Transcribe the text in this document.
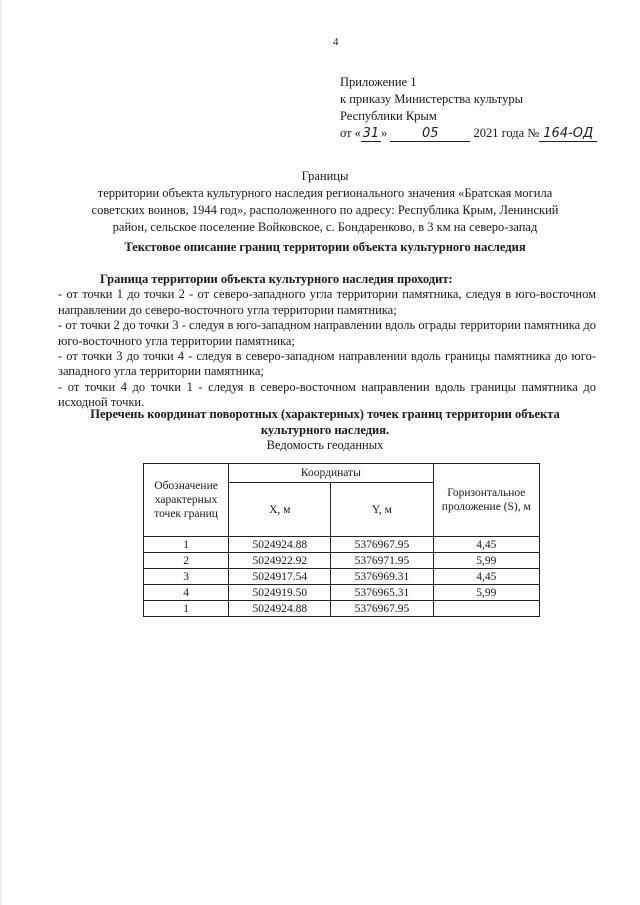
4
Приложение 1
к приказу Министерства культуры
Республики Крым
от « 31 »	05	2021 года № 164-ОД
Границы
территории объекта культурного наследия регионального значения «Братская могила
советских воинов, 1944 год», расположенного по адресу: Республика Крым, Ленинский
район, сельское поселение Войковское, с. Бондаренково, в 3 км на северо-запад
Текстовое описание границ территории объекта культурного наследия

Граница территории объекта культурного наследия проходит:

- от точки 1 до точки 2 - от северо-западного угла территории памятника, следуя в юго-восточном направлении до северо-восточного угла территории памятника;

- от точки 2 до точки 3 - следуя в юго-западном направлении вдоль ограды территории памятника до юго-восточного угла территории памятника;

- от точки 3 до точки 4 - следуя в северо-западном направлении вдоль границы памятника до юго-западного угла территории памятника;

- от точки 4 до точки 1 - следуя в северо-восточном направлении вдоль границы памятника до исходной точки.

Перечень координат поворотных (характерных) точек границ территории объекта
культурного наследия.
Ведомость геоданных
Обозначение характерных точек границ	Координаты		Горизонтальное проложение (S), м
	X, м	Y, м	
1	5024924.88	5376967.95	4,45
2	5024922.92	5376971.95	5,99
3	5024917.54	5376969.31	4,45
4	5024919.50	5376965.31	5,99
1	5024924.88	5376967.95	
